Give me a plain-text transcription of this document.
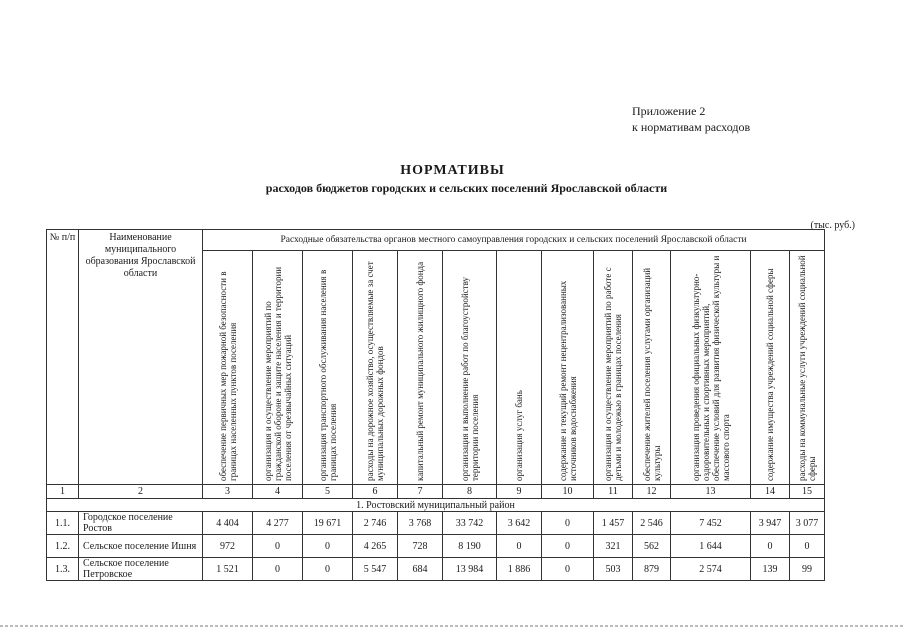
Приложение 2
к нормативам расходов
НОРМАТИВЫ
расходов бюджетов городских и сельских поселений Ярославской области
(тыс. руб.)
№ п/п	Наименование муниципального образования Ярославской области	Расходные обязательства органов местного самоуправления городских и сельских поселений Ярославской области												

		обеспечение первичных мер пожарной безопасности в границах населенных пунктов поселения	организация и осуществление мероприятий по гражданской обороне и защите населения и территории поселения от чрезвычайных ситуаций	организация транспортного обслуживания населения в границах поселения	расходы на дорожное хозяйство, осуществляемые за счет муниципальных дорожных фондов	капитальный ремонт муниципального жилищного фонда	организация и выполнение работ по благоустройству территории поселения	организация услуг бань	содержание и текущий ремонт нецентрализованных источников водоснабжения	организация и осуществление мероприятий по работе с детьми и молодежью в границах поселения	обеспечение жителей поселения услугами организаций культуры	организация проведения официальных физкультурно-оздоровительных и спортивных мероприятий, обеспечение условий для развития физической культуры и массового спорта	содержание имущества учреждений социальной сферы	расходы на коммунальные услуги учреждений социальной сферы

1	2	3	4	5	6	7	8	9	10	11	12	13	14	15
1. Ростовский муниципальный район														
1.1.	Городское поселение Ростов	4 404	4 277	19 671	2 746	3 768	33 742	3 642	0	1 457	2 546	7 452	3 947	3 077
1.2.	Сельское поселение Ишня	972	0	0	4 265	728	8 190	0	0	321	562	1 644	0	0
1.3.	Сельское поселение Петровское	1 521	0	0	5 547	684	13 984	1 886	0	503	879	2 574	139	99
